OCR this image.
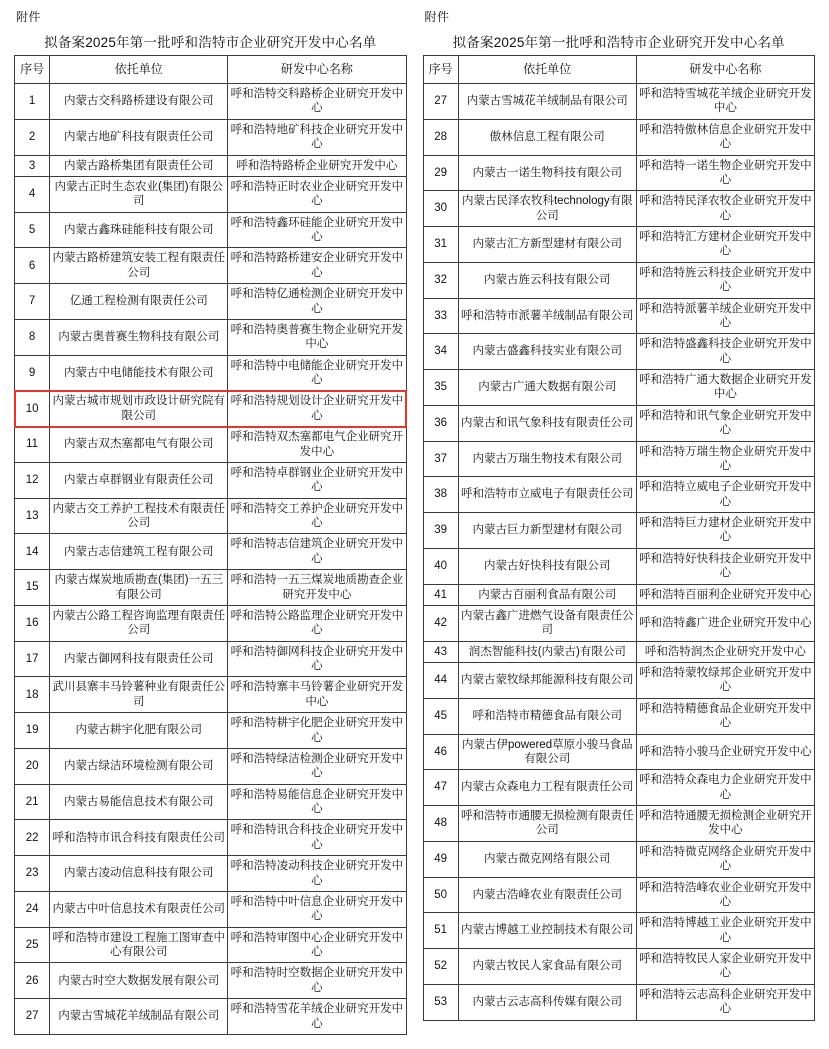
附件
拟备案2025年第一批呼和浩特市企业研究开发中心名单
序号	依托单位	研发中心名称
1	内蒙古交科路桥建设有限公司	呼和浩特交科路桥企业研究开发中心
2	内蒙古地矿科技有限责任公司	呼和浩特地矿科技企业研究开发中心
3	内蒙古路桥集团有限责任公司	呼和浩特路桥企业研究开发中心
4	内蒙古正时生态农业(集团)有限公司	呼和浩特正时农业企业研究开发中心
5	内蒙古鑫珠硅能科技有限公司	呼和浩特鑫环硅能企业研究开发中心
6	内蒙古路桥建筑安装工程有限责任公司	呼和浩特路桥建安企业研究开发中心
7	亿通工程检测有限责任公司	呼和浩特亿通检测企业研究开发中心
8	内蒙古奥普赛生物科技有限公司	呼和浩特奥普赛生物企业研究开发中心
9	内蒙古中电储能技术有限公司	呼和浩特中电储能企业研究开发中心
10	内蒙古城市规划市政设计研究院有限公司	呼和浩特规划设计企业研究开发中心
11	内蒙古双杰塞都电气有限公司	呼和浩特双杰塞都电气企业研究开发中心
12	内蒙古卓群钢业有限责任公司	呼和浩特卓群钢业企业研究开发中心
13	内蒙古交工养护工程技术有限责任公司	呼和浩特交工养护企业研究开发中心
14	内蒙古志信建筑工程有限公司	呼和浩特志信建筑企业研究开发中心
15	内蒙古煤炭地质勘查(集团)一五三有限公司	呼和浩特一五三煤炭地质勘查企业研究开发中心
16	内蒙古公路工程咨询监理有限责任公司	呼和浩特公路监理企业研究开发中心
17	内蒙古御网科技有限责任公司	呼和浩特御网科技企业研究开发中心
18	武川县寨丰马铃薯种业有限责任公司	呼和浩特寨丰马铃薯企业研究开发中心
19	内蒙古耕宇化肥有限公司	呼和浩特耕宇化肥企业研究开发中心
20	内蒙古绿洁环境检测有限公司	呼和浩特绿洁检测企业研究开发中心
21	内蒙古易能信息技术有限公司	呼和浩特易能信息企业研究开发中心
22	呼和浩特市讯合科技有限责任公司	呼和浩特讯合科技企业研究开发中心
23	内蒙古凌动信息科技有限公司	呼和浩特凌动科技企业研究开发中心
24	内蒙古中叶信息技术有限责任公司	呼和浩特中叶信息企业研究开发中心
25	呼和浩特市建设工程施工图审查中心有限公司	呼和浩特审图中心企业研究开发中心
26	内蒙古时空大数据发展有限公司	呼和浩特时空数据企业研究开发中心
27	内蒙古雪城花羊绒制品有限公司	呼和浩特雪花羊绒企业研究开发中心
附件
拟备案2025年第一批呼和浩特市企业研究开发中心名单
序号	依托单位	研发中心名称
27	内蒙古雪城花羊绒制品有限公司	呼和浩特雪城花羊绒企业研究开发中心
28	傲林信息工程有限公司	呼和浩特傲林信息企业研究开发中心
29	内蒙古一诺生物科技有限公司	呼和浩特一诺生物企业研究开发中心
30	内蒙古民泽农牧科technology有限公司	呼和浩特民泽农牧企业研究开发中心
31	内蒙古汇方新型建材有限公司	呼和浩特汇方建材企业研究开发中心
32	内蒙古旌云科技有限公司	呼和浩特旌云科技企业研究开发中心
33	呼和浩特市派薯羊绒制品有限公司	呼和浩特派薯羊绒企业研究开发中心
34	内蒙古盛鑫科技实业有限公司	呼和浩特盛鑫科技企业研究开发中心
35	内蒙古广通大数据有限公司	呼和浩特广通大数据企业研究开发中心
36	内蒙古和讯气象科技有限责任公司	呼和浩特和讯气象企业研究开发中心
37	内蒙古万瑞生物技术有限公司	呼和浩特万瑞生物企业研究开发中心
38	呼和浩特市立威电子有限责任公司	呼和浩特立威电子企业研究开发中心
39	内蒙古巨力新型建材有限公司	呼和浩特巨力建材企业研究开发中心
40	内蒙古好快科技有限公司	呼和浩特好快科技企业研究开发中心
41	内蒙古百丽利食品有限公司	呼和浩特百丽利企业研究开发中心
42	内蒙古鑫广进燃气设备有限责任公司	呼和浩特鑫广进企业研究开发中心
43	润杰智能科技(内蒙古)有限公司	呼和浩特润杰企业研究开发中心
44	内蒙古蒙牧绿邦能源科技有限公司	呼和浩特蒙牧绿邦企业研究开发中心
45	呼和浩特市精德食品有限公司	呼和浩特精德食品企业研究开发中心
46	内蒙古伊powered草原小骏马食品有限公司	呼和浩特小骏马企业研究开发中心
47	内蒙古众森电力工程有限责任公司	呼和浩特众森电力企业研究开发中心
48	呼和浩特市通腰无损检测有限责任公司	呼和浩特通腰无损检测企业研究开发中心
49	内蒙古微克网络有限公司	呼和浩特微克网络企业研究开发中心
50	内蒙古浩峰农业有限责任公司	呼和浩特浩峰农业企业研究开发中心
51	内蒙古博越工业控制技术有限公司	呼和浩特博越工业企业研究开发中心
52	内蒙古牧民人家食品有限公司	呼和浩特牧民人家企业研究开发中心
53	内蒙古云志高科传媒有限公司	呼和浩特云志高科企业研究开发中心
